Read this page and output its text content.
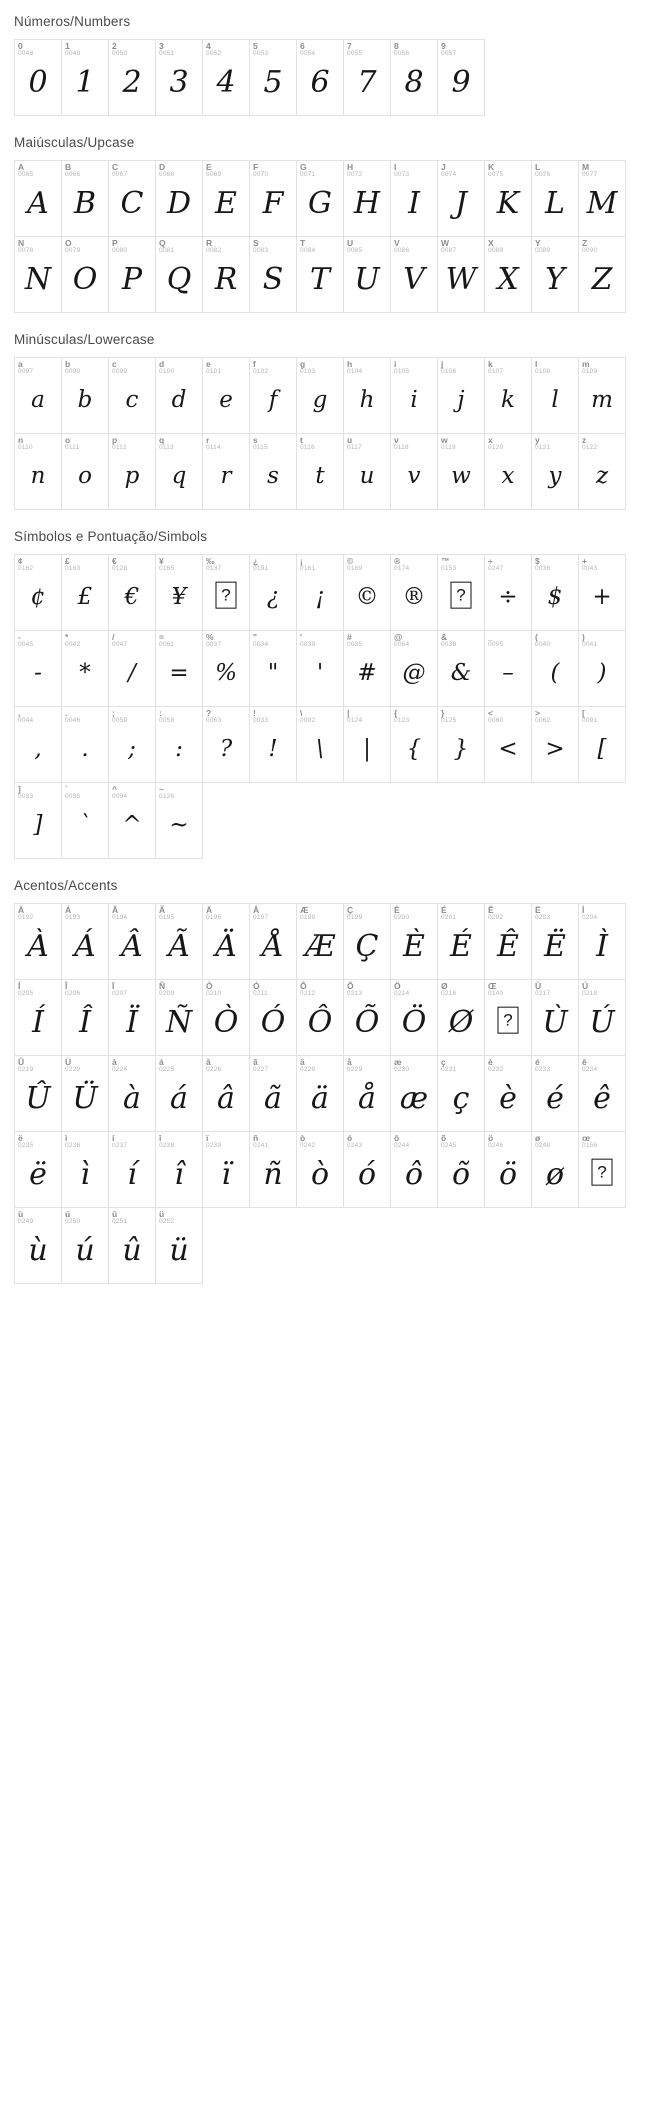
Números/Numbers
0
0048
0
1
0049
1
2
0050
2
3
0051
3
4
0052
4
5
0053
5
6
0054
6
7
0055
7
8
0056
8
9
0057
9
Maiúsculas/Upcase
A
0065
A
B
0066
B
C
0067
C
D
0068
D
E
0069
E
F
0070
F
G
0071
G
H
0072
H
I
0073
I
J
0074
J
K
0075
K
L
0076
L
M
0077
M
N
0078
N
O
0079
O
P
0080
P
Q
0081
Q
R
0082
R
S
0083
S
T
0084
T
U
0085
U
V
0086
V
W
0087
W
X
0088
X
Y
0089
Y
Z
0090
Z
Minúsculas/Lowercase
a
0097
a
b
0098
b
c
0099
c
d
0100
d
e
0101
e
f
0102
f
g
0103
g
h
0104
h
i
0105
i
j
0106
j
k
0107
k
l
0108
l
m
0109
m
n
0110
n
o
0111
o
p
0112
p
q
0113
q
r
0114
r
s
0115
s
t
0116
t
u
0117
u
v
0118
v
w
0119
w
x
0120
x
y
0121
y
z
0122
z
Símbolos e Pontuação/Simbols
¢
0162
¢
£
0163
£
€
0128
€
¥
0165
¥
‰
0137
?
¿
0191
¿
¡
0161
¡
©
0169
©
®
0174
®
™
0153
?
÷
0247
÷
$
0036
$
+
0043
+
-
0045
-
*
0042
*
/
0047
/
=
0061
=
%
0037
%
"
0034
"
'
0039
'
#
0035
#
@
0064
@
&
0038
&
_
0095
–
(
0040
(
)
0041
)
,
0044
,
.
0046
.
;
0059
;
:
0058
:
?
0063
?
!
0033
!
\
0092
\
|
0124
|
{
0123
{
}
0125
}
<
0060
<
>
0062
>
[
0091
[
]
0093
]
`
0096
`
^
0094
^
~
0126
~
Acentos/Accents
À
0192
À
Á
0193
Á
Â
0194
Â
Ã
0195
Ã
Ä
0196
Ä
Å
0197
Å
Æ
0198
Æ
Ç
0199
Ç
È
0200
È
É
0201
É
Ê
0202
Ê
Ë
0203
Ë
Ì
0204
Ì
Í
0205
Í
Î
0206
Î
Ï
0207
Ï
Ñ
0209
Ñ
Ò
0210
Ò
Ó
0211
Ó
Ô
0212
Ô
Õ
0213
Õ
Ö
0214
Ö
Ø
0216
Ø
Œ
0140
?
Ù
0217
Ù
Ú
0218
Ú
Û
0219
Û
Ü
0220
Ü
à
0224
à
á
0225
á
â
0226
â
ã
0227
ã
ä
0228
ä
å
0229
å
æ
0230
æ
ç
0231
ç
è
0232
è
é
0233
é
ê
0234
ê
ë
0235
ë
ì
0236
ì
í
0237
í
î
0238
î
ï
0239
ï
ñ
0241
ñ
ò
0242
ò
ó
0243
ó
ô
0244
ô
õ
0245
õ
ö
0246
ö
ø
0248
ø
œ
0156
?
ù
0249
ù
ú
0250
ú
û
0251
û
ü
0252
ü
